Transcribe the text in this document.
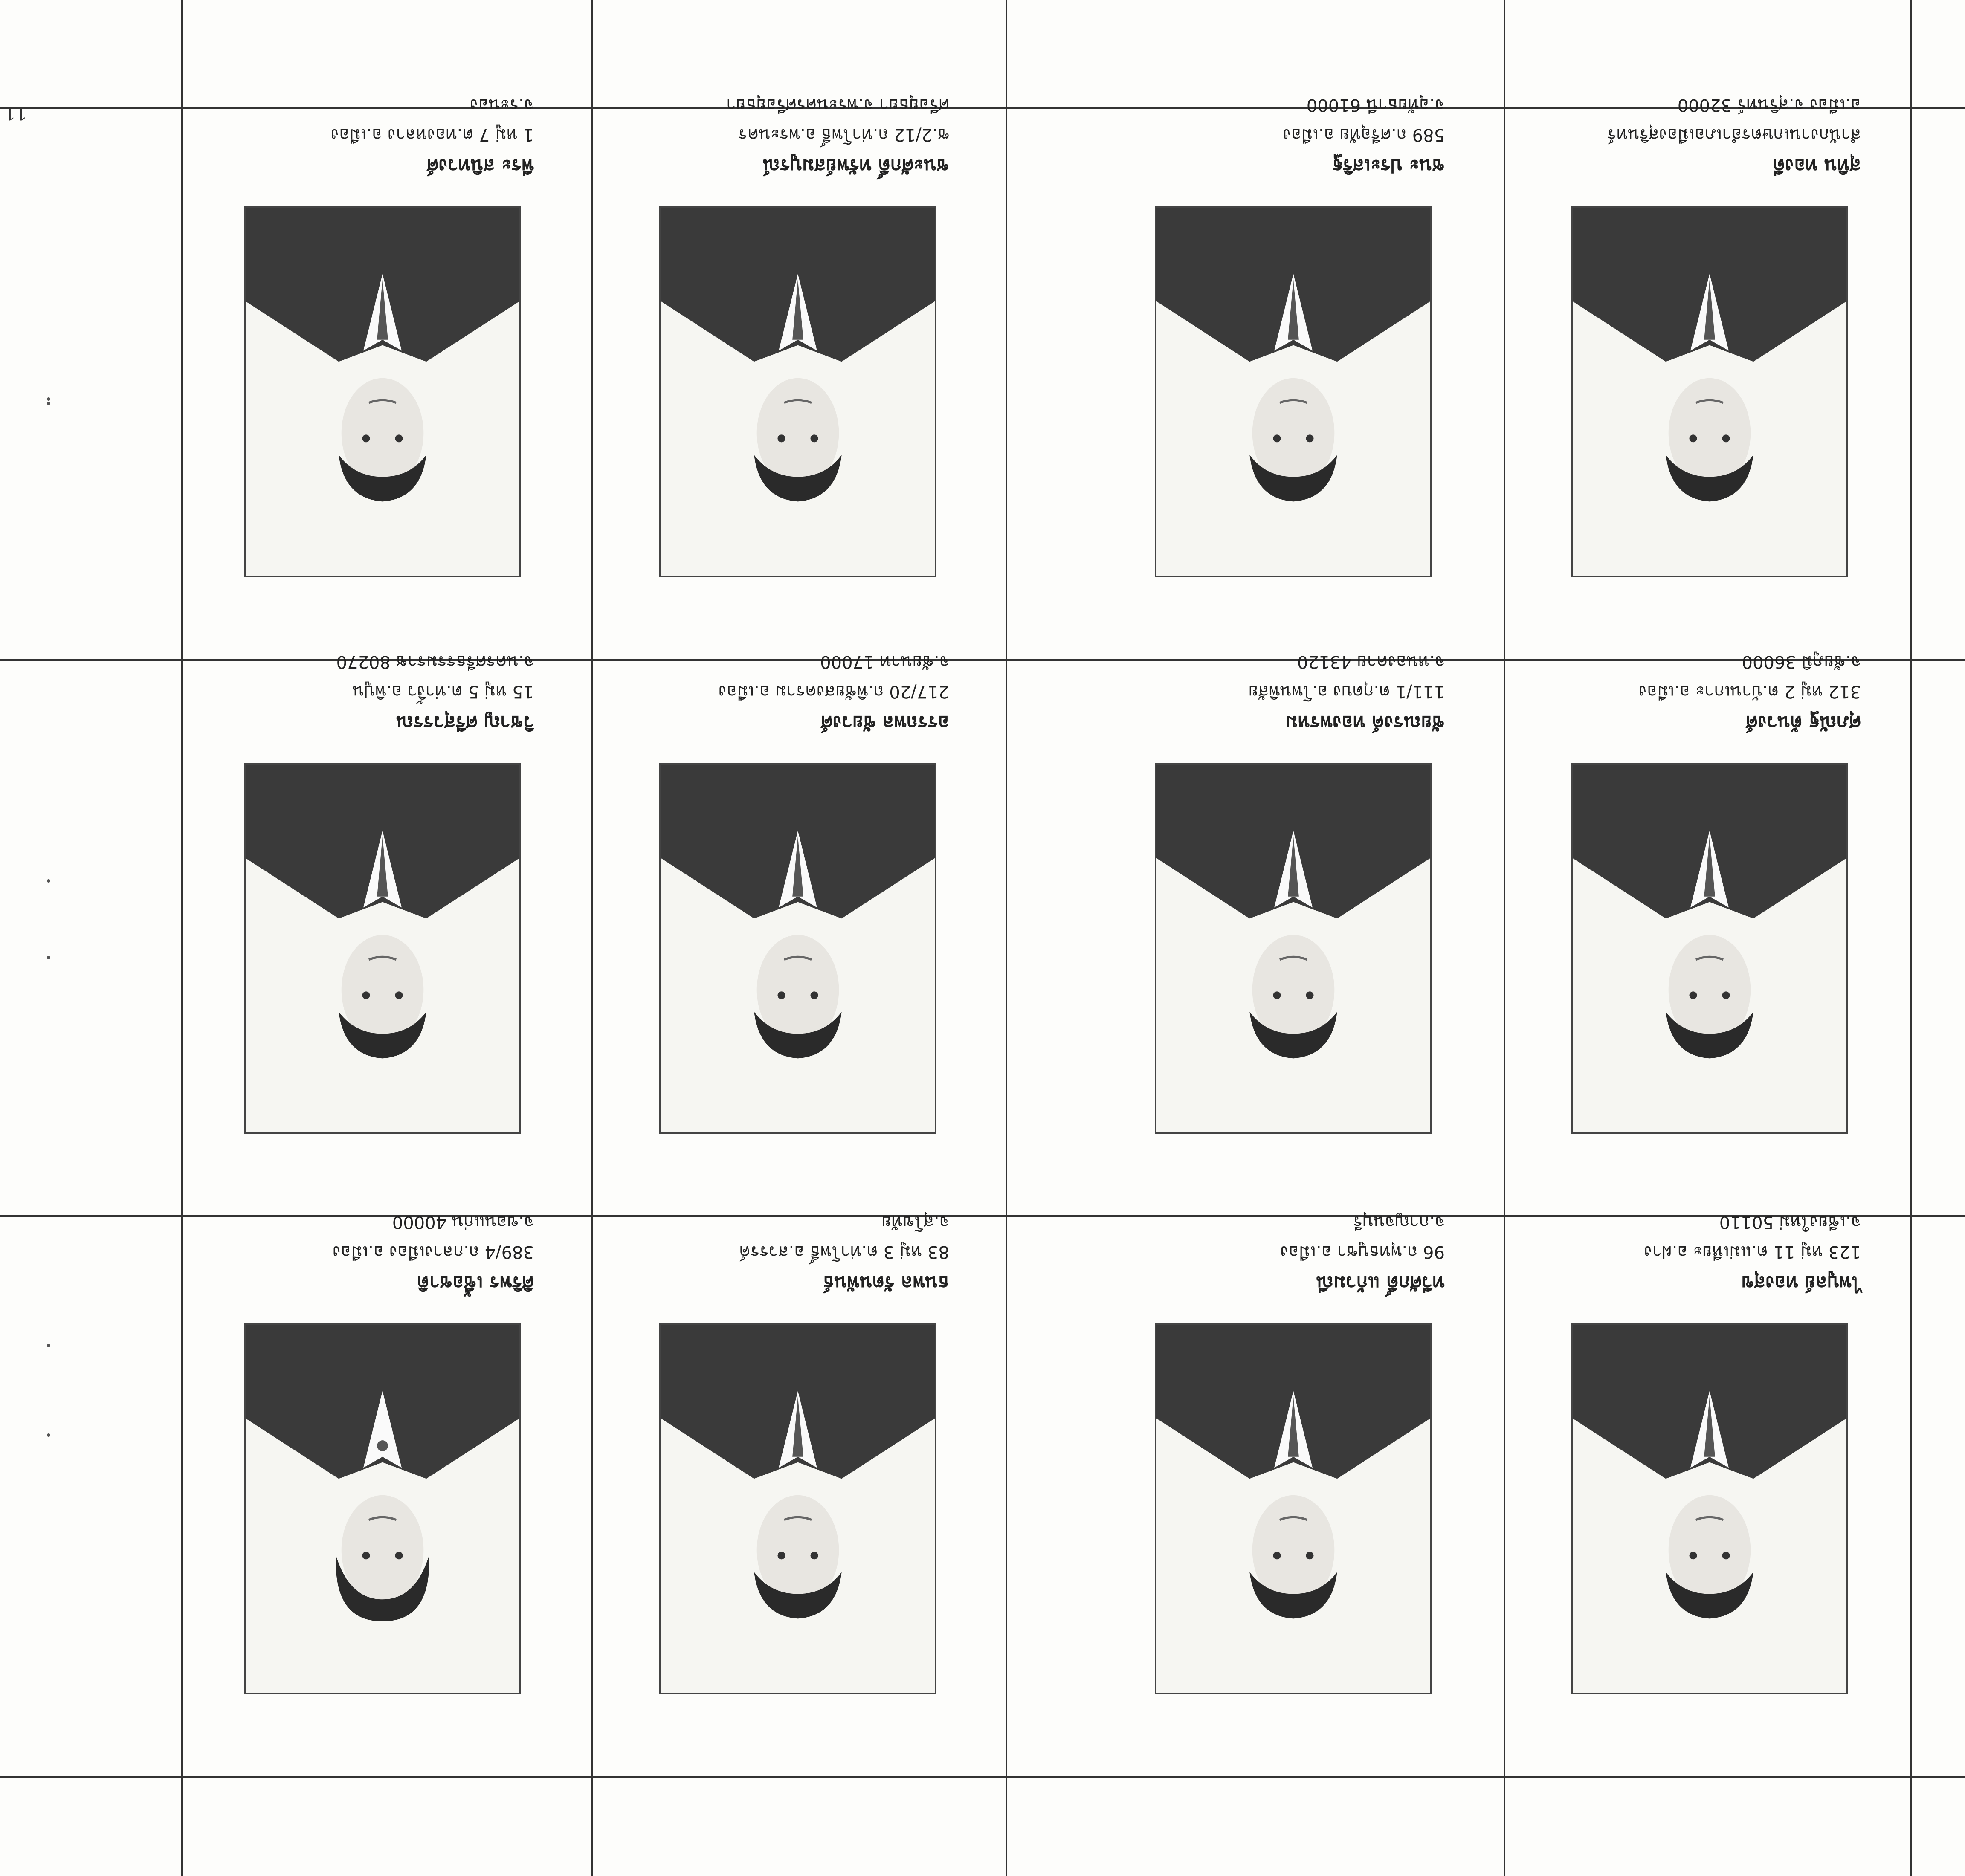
11
ไพบูลย์ ทองสุข
123 หมู่ 11 ต.แม่เหียะ อ.ฝาง
จ.เชียงใหม่ 50110
ทวีศักดิ์ แก้วมณี
96 ถ.พุทธบูชา อ.เมือง
จ.กาญจนบุรี
ธนพล รัตนพันธ์
83 หมู่ 3 ต.ท่าโพธิ์ อ.สวรรค์
จ.สุโขทัย
ศิริพร เชื้อชาติ
389/4 ถ.กลางเมือง อ.เมือง
จ.ขอนแก่น 40000
ศุภณัฐ ต้นวงศ์
312 หมู่ 2 ต.บ้านเกาะ อ.เมือง
จ.ชัยภูมิ 36000
ชัยณรงค์ ทองพรหม
111/1 ต.กุดบง อ.โพนพิสัย
จ.หนองคาย 43120
อรรถพล ชัยวงศ์
217/20 ถ.พิชัยสงคราม อ.เมือง
จ.ชัยนาท 17000
วิชาญ ศรีสุวรรณ
15 หมู่ 5 ต.ท่างิ้ว อ.พิปูน
จ.นครศรีธรรมราช 80270
สุทิน ทองดี
สำนักงานเกษตรอำเภอเมืองสุรินทร์
อ.เมือง จ.สุรินทร์ 32000
ชนะ ประเสริฐ
589 ถ.ศรีอุทัย อ.เมือง
จ.อุทัยธานี 61000
ชนะศักดิ์ ทรัพย์สมบูรณ์
ซ.2/12 ถ.ท่าโพธิ์ อ.พระนคร
ศรีอยุธยา จ.พระนครศรีอยุธยา
พีระ สนิทวงศ์
1 หมู่ 7 ต.ทองหลาง อ.เมือง
จ.ระนอง
